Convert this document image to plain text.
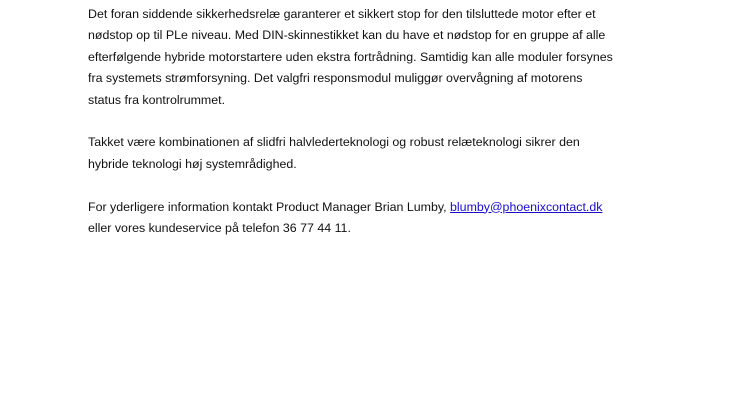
Det foran siddende sikkerhedsrelæ garanterer et sikkert stop for den tilsluttede motor efter et
nødstop op til PLe niveau. Med DIN-skinnestikket kan du have et nødstop for en gruppe af alle
efterfølgende hybride motorstartere uden ekstra fortrådning. Samtidig kan alle moduler forsynes
fra systemets strømforsyning. Det valgfri responsmodul muliggør overvågning af motorens
status fra kontrolrummet.
Takket være kombinationen af slidfri halvlederteknologi og robust relæteknologi sikrer den
hybride teknologi høj systemrådighed.
For yderligere information kontakt Product Manager Brian Lumby, blumby@phoenixcontact.dk
eller vores kundeservice på telefon 36 77 44 11.
